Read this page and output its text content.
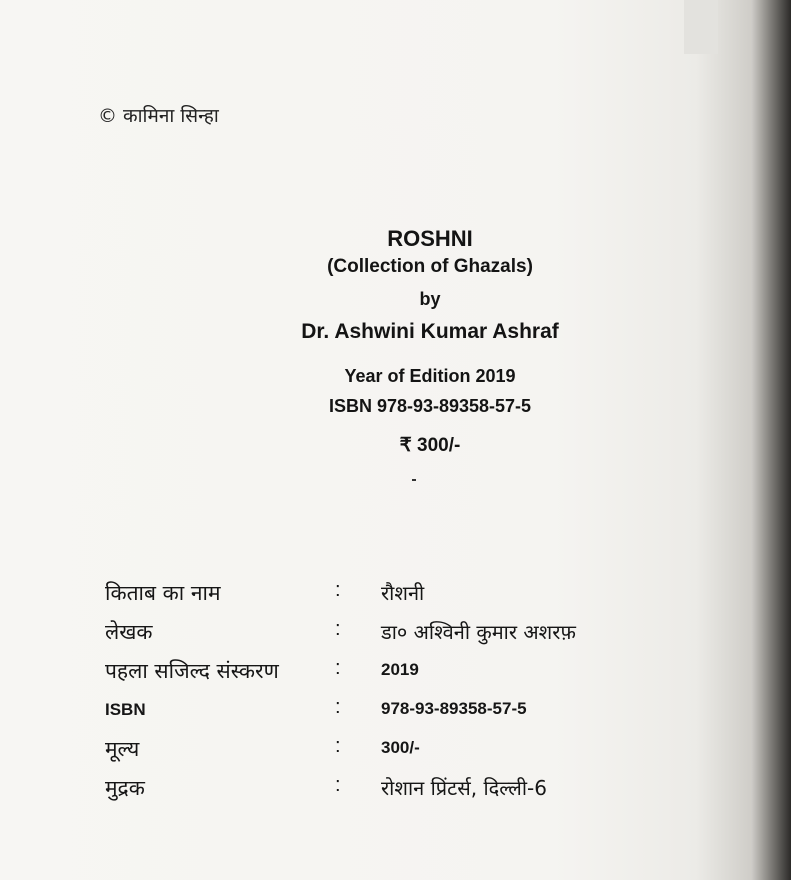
© कामिना सिन्हा
ROSHNI
(Collection of Ghazals)
by
Dr. Ashwini Kumar Ashraf
Year of Edition 2019
ISBN 978-93-89358-57-5
₹ 300/-
किताब का नाम	: रौशनी
लेखक	: डा० अश्विनी कुमार अशरफ़
पहला सजिल्द संस्करण	: 2019
ISBN	: 978-93-89358-57-5
मूल्य	: 300/-
मुद्रक	: रोशान प्रिंटर्स, दिल्ली-6
